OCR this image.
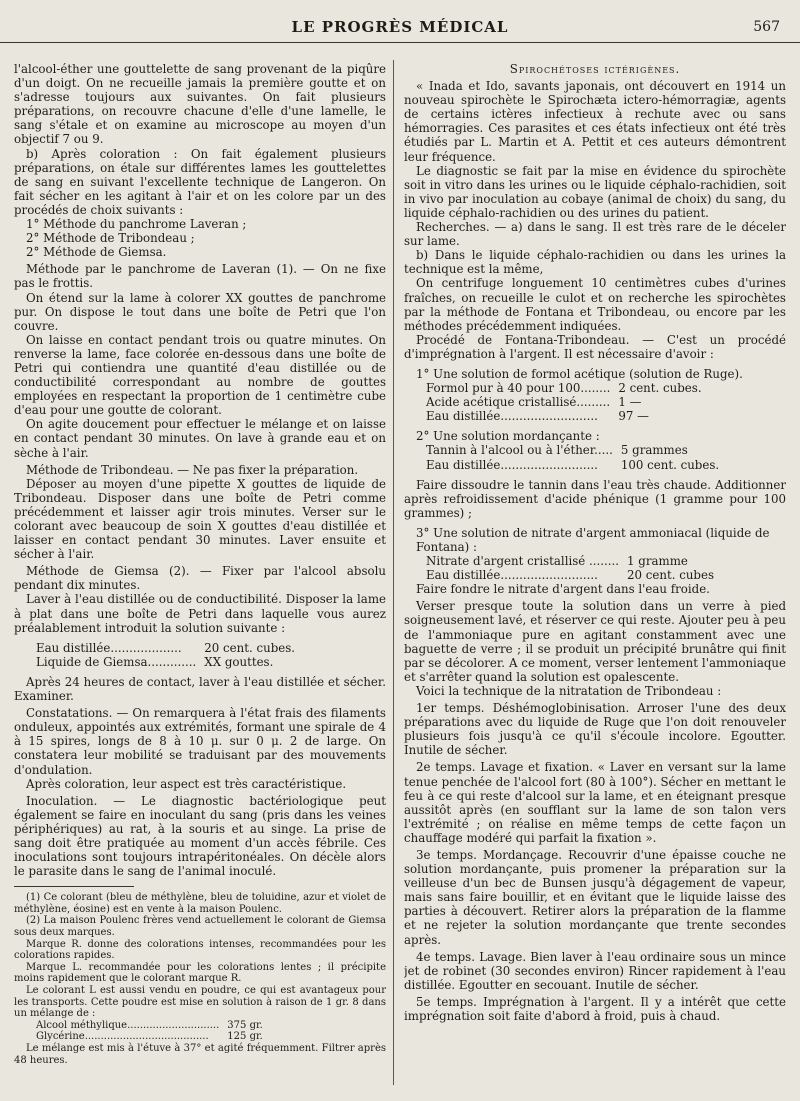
LE PROGRÈS MÉDICAL	567

l'alcool-éther une gouttelette de sang provenant de la piqûre d'un doigt. On ne recueille jamais la première goutte et on s'adresse toujours aux suivantes. On fait plusieurs préparations, on recouvre chacune d'elle d'une lamelle, le sang s'étale et on examine au microscope au moyen d'un objectif 7 ou 9.

b) Après coloration : On fait également plusieurs préparations, on étale sur différentes lames les gouttelettes de sang en suivant l'excellente technique de Langeron. On fait sécher en les agitant à l'air et on les colore par un des procédés de choix suivants :

1° Méthode du panchrome Laveran ;
2° Méthode de Tribondeau ;
2° Méthode de Giemsa.

Méthode par le panchrome de Laveran (1). — On ne fixe pas le frottis.

On étend sur la lame à colorer XX gouttes de panchrome pur. On dispose le tout dans une boîte de Petri que l'on couvre.

On laisse en contact pendant trois ou quatre minutes. On renverse la lame, face colorée en-dessous dans une boîte de Petri qui contiendra une quantité d'eau distillée ou de conductibilité correspondant au nombre de gouttes employées en respectant la proportion de 1 centimètre cube d'eau pour une goutte de colorant.

On agite doucement pour effectuer le mélange et on laisse en contact pendant 30 minutes. On lave à grande eau et on sèche à l'air.

Méthode de Tribondeau. — Ne pas fixer la préparation.

Déposer au moyen d'une pipette X gouttes de liquide de Tribondeau. Disposer dans une boîte de Petri comme précédemment et laisser agir trois minutes. Verser sur le colorant avec beaucoup de soin X gouttes d'eau distillée et laisser en contact pendant 30 minutes. Laver ensuite et sécher à l'air.

Méthode de Giemsa (2). — Fixer par l'alcool absolu pendant dix minutes.

Laver à l'eau distillée ou de conductibilité. Disposer la lame à plat dans une boîte de Petri dans laquelle vous aurez préalablement introduit la solution suivante :

Eau distillée...................	20 cent. cubes.
Liquide de Giemsa.............	XX gouttes.

Après 24 heures de contact, laver à l'eau distillée et sécher. Examiner.

Constatations. — On remarquera à l'état frais des filaments onduleux, appointés aux extrémités, formant une spirale de 4 à 15 spires, longs de 8 à 10 μ. sur 0 μ. 2 de large. On constatera leur mobilité se traduisant par des mouvements d'ondulation.

Après coloration, leur aspect est très caractéristique.

Inoculation. — Le diagnostic bactériologique peut également se faire en inoculant du sang (pris dans les veines périphériques) au rat, à la souris et au singe. La prise de sang doit être pratiquée au moment d'un accès fébrile. Ces inoculations sont toujours intrapéritonéales. On décèle alors le parasite dans le sang de l'animal inoculé.

(1) Ce colorant (bleu de méthylène, bleu de toluidine, azur et violet de méthylène, éosine) est en vente à la maison Poulenc.

(2) La maison Poulenc frères vend actuellement le colorant de Giemsa sous deux marques.

Marque R. donne des colorations intenses, recommandées pour les colorations rapides.

Marque L. recommandée pour les colorations lentes ; il précipite moins rapidement que le colorant marque R.

Le colorant L est aussi vendu en poudre, ce qui est avantageux pour les transports. Cette poudre est mise en solution à raison de 1 gr. 8 dans un mélange de :

Alcool méthylique.............................	375 gr.
Glycérine.......................................	125 gr.

Le mélange est mis à l'étuve à 37° et agité fréquemment. Filtrer après 48 heures.

Spirochétoses ictérigènes.

« Inada et Ido, savants japonais, ont découvert en 1914 un nouveau spirochète le Spirochæta ictero-hémorragiæ, agents de certains ictères infectieux à rechute avec ou sans hémorragies. Ces parasites et ces états infectieux ont été très étudiés par L. Martin et A. Pettit et ces auteurs démontrent leur fréquence.

Le diagnostic se fait par la mise en évidence du spirochète soit in vitro dans les urines ou le liquide céphalo-rachidien, soit in vivo par inoculation au cobaye (animal de choix) du sang, du liquide céphalo-rachidien ou des urines du patient.

Recherches. — a) dans le sang. Il est très rare de le déceler sur lame.

b) Dans le liquide céphalo-rachidien ou dans les urines la technique est la même,

On centrifuge longuement 10 centimètres cubes d'urines fraîches, on recueille le culot et on recherche les spirochètes par la méthode de Fontana et Tribondeau, ou encore par les méthodes précédemment indiquées.

Procédé de Fontana-Tribondeau. — C'est un procédé d'imprégnation à l'argent. Il est nécessaire d'avoir :

1° Une solution de formol acétique (solution de Ruge).
Formol pur à 40 pour 100........	2 cent. cubes.
Acide acétique cristallisé.........	1 —
Eau distillée..........................	97 —
2° Une solution mordançante :
Tannin à l'alcool ou à l'éther.....	5 grammes
Eau distillée..........................	100 cent. cubes.

Faire dissoudre le tannin dans l'eau très chaude. Additionner après refroidissement d'acide phénique (1 gramme pour 100 grammes) ;

3° Une solution de nitrate d'argent ammoniacal (liquide de Fontana) :
Nitrate d'argent cristallisé ........	1 gramme
Eau distillée..........................	20 cent. cubes

Faire fondre le nitrate d'argent dans l'eau froide.

Verser presque toute la solution dans un verre à pied soigneusement lavé, et réserver ce qui reste. Ajouter peu à peu de l'ammoniaque pure en agitant constamment avec une baguette de verre ; il se produit un précipité brunâtre qui finit par se décolorer. A ce moment, verser lentement l'ammoniaque et s'arrêter quand la solution est opalescente.

Voici la technique de la nitratation de Tribondeau :

1er temps. Déshémoglobinisation. Arroser l'une des deux préparations avec du liquide de Ruge que l'on doit renouveler plusieurs fois jusqu'à ce qu'il s'écoule incolore. Egoutter. Inutile de sécher.

2e temps. Lavage et fixation. « Laver en versant sur la lame tenue penchée de l'alcool fort (80 à 100°). Sécher en mettant le feu à ce qui reste d'alcool sur la lame, et en éteignant presque aussitôt après (en soufflant sur la lame de son talon vers l'extrémité ; on réalise en même temps de cette façon un chauffage modéré qui parfait la fixation ».

3e temps. Mordançage. Recouvrir d'une épaisse couche ne solution mordançante, puis promener la préparation sur la veilleuse d'un bec de Bunsen jusqu'à dégagement de vapeur, mais sans faire bouillir, et en évitant que le liquide laisse des parties à découvert. Retirer alors la préparation de la flamme et ne rejeter la solution mordançante que trente secondes après.

4e temps. Lavage. Bien laver à l'eau ordinaire sous un mince jet de robinet (30 secondes environ) Rincer rapidement à l'eau distillée. Egoutter en secouant. Inutile de sécher.

5e temps. Imprégnation à l'argent. Il y a intérêt que cette imprégnation soit faite d'abord à froid, puis à chaud.
